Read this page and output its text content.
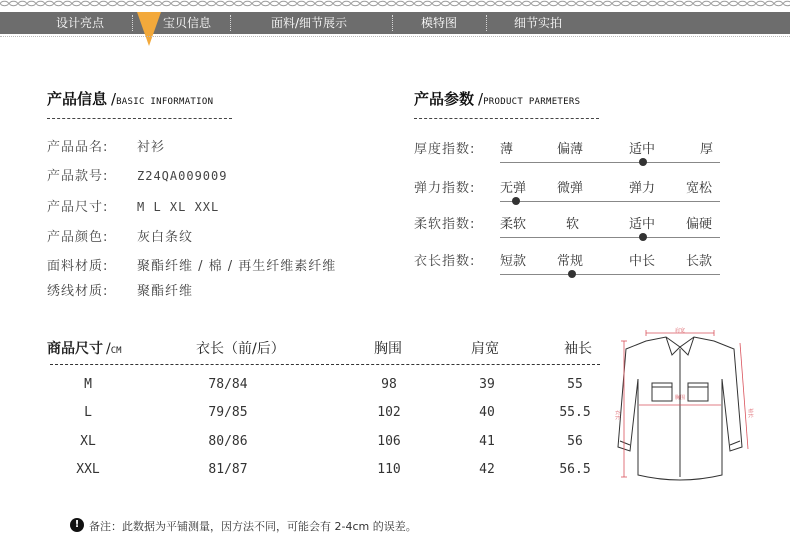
设计亮点	宝贝信息	面料/细节展示	模特图	细节实拍
产品信息 /BASIC INFORMATION
产品品名: 衬衫
产品款号: Z24QA009009
产品尺寸: M L XL XXL
产品颜色: 灰白条纹
面料材质: 聚酯纤维 / 棉 / 再生纤维素纤维
绣线材质: 聚酯纤维
产品参数 /PRODUCT PARMETERS
厚度指数: 薄	偏薄	适中	厚
弹力指数: 无弹 微弹	弹力 宽松
柔软指数: 柔软	软	适中 偏硬
衣长指数: 短款 常规	中长 长款
商品尺寸 /CM	衣长（前/后）	胸围	肩宽	袖长
M	78/84	98	39	55
L	79/85	102	40	55.5
XL	80/86	106	41	56
XXL	81/87	110	42	56.5
肩宽
胸围
衣长	袖长
! 备注：此数据为平铺测量，因方法不同，可能会有 2-4cm 的误差。
